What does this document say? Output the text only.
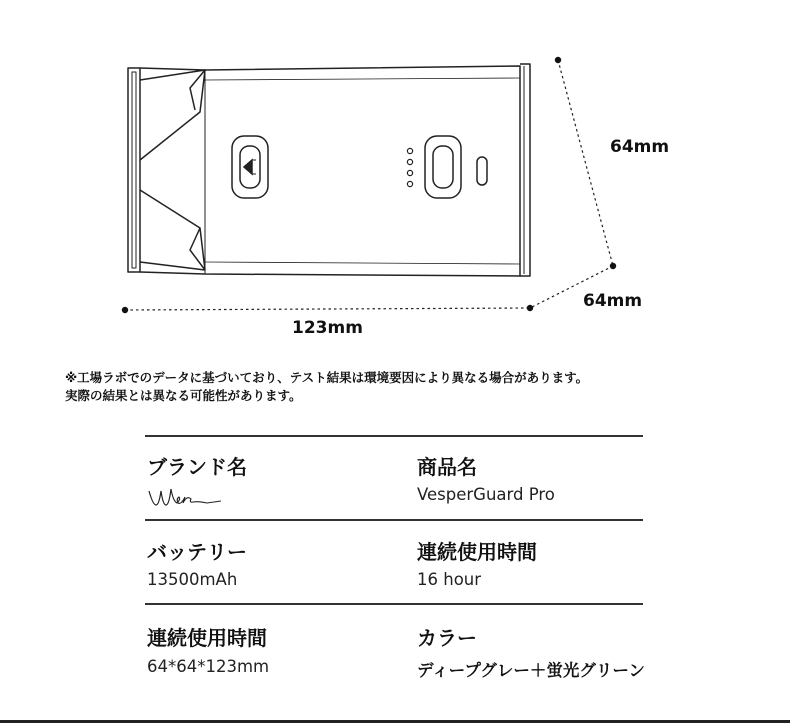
64mm
64mm
123mm
※工場ラボでのデータに基づいており、テスト結果は環境要因により異なる場合があります。
実際の結果とは異なる可能性があります。
ブランド名	商品名
VesperGuard Pro
バッテリー
13500mAh
連続使用時間
16 hour
連続使用時間
64*64*123mm
カラー
ディープグレー＋蛍光グリーン
